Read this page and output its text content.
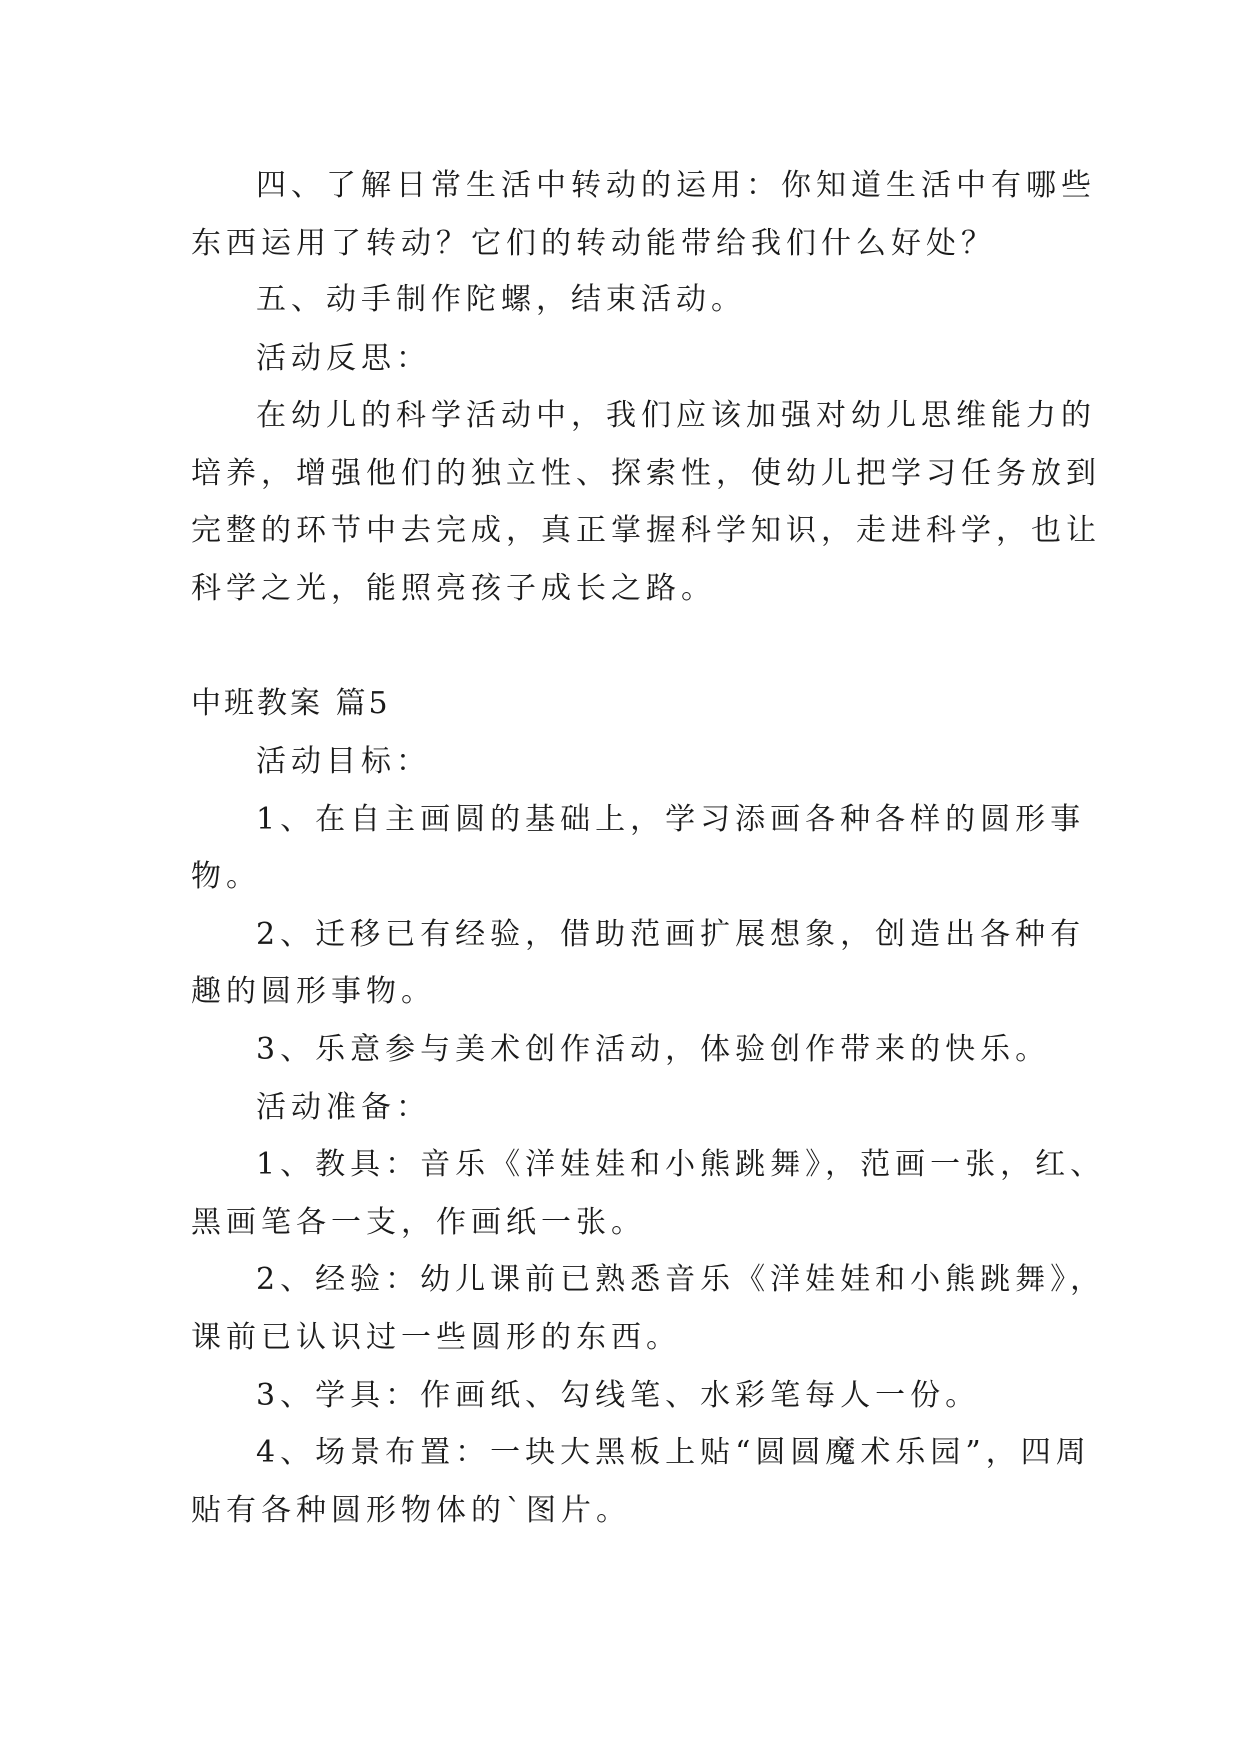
四、了解日常生活中转动的运用：你知道生活中有哪些
东西运用了转动？它们的转动能带给我们什么好处？
五、动手制作陀螺，结束活动。
活动反思：
在幼儿的科学活动中，我们应该加强对幼儿思维能力的
培养，增强他们的独立性、探索性，使幼儿把学习任务放到
完整的环节中去完成，真正掌握科学知识，走进科学，也让
科学之光，能照亮孩子成长之路。
中班教案 篇5
活动目标：
1、在自主画圆的基础上，学习添画各种各样的圆形事
物。
2、迁移已有经验，借助范画扩展想象，创造出各种有
趣的圆形事物。
3、乐意参与美术创作活动，体验创作带来的快乐。
活动准备：
1、教具：音乐《洋娃娃和小熊跳舞》，范画一张，红、
黑画笔各一支，作画纸一张。
2、经验：幼儿课前已熟悉音乐《洋娃娃和小熊跳舞》，
课前已认识过一些圆形的东西。
3、学具：作画纸、勾线笔、水彩笔每人一份。
4、场景布置：一块大黑板上贴“圆圆魔术乐园”，四周
贴有各种圆形物体的`图片。
